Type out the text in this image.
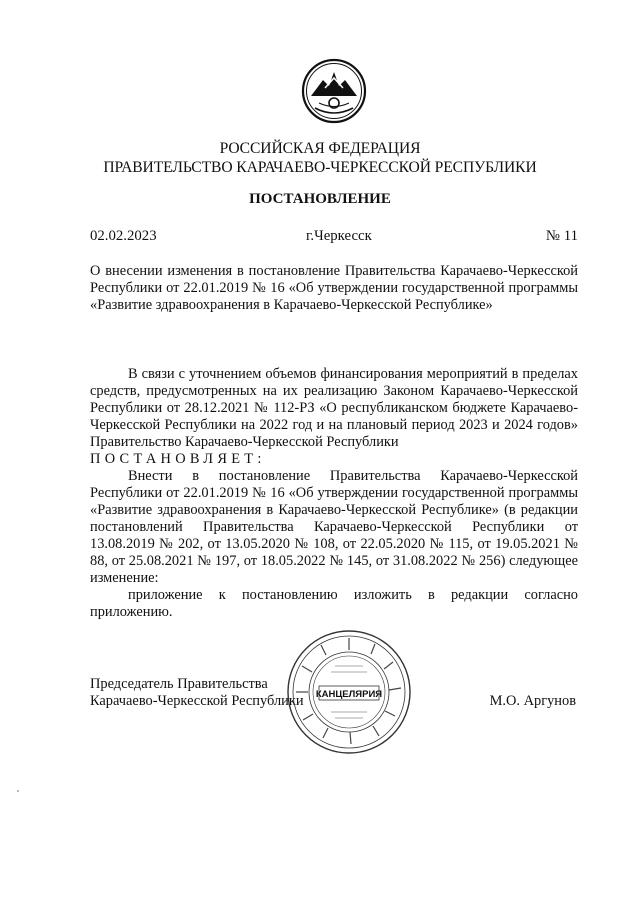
РОССИЙСКАЯ ФЕДЕРАЦИЯ
ПРАВИТЕЛЬСТВО КАРАЧАЕВО-ЧЕРКЕССКОЙ РЕСПУБЛИКИ
ПОСТАНОВЛЕНИЕ
02.02.2023	г.Черкесск	№ 11
О внесении изменения в постановление Правительства Карачаево-Черкесской Республики от 22.01.2019 № 16 «Об утверждении государственной программы «Развитие здравоохранения в Карачаево-Черкесской Республике»
В связи с уточнением объемов финансирования мероприятий в пределах средств, предусмотренных на их реализацию Законом Карачаево-Черкесской Республики от 28.12.2021 № 112-РЗ «О республиканском бюджете Карачаево-Черкесской Республики на 2022 год и на плановый период 2023 и 2024 годов» Правительство Карачаево-Черкесской Республики
ПОСТАНОВЛЯЕТ:
Внести в постановление Правительства Карачаево-Черкесской Республики от 22.01.2019 № 16 «Об утверждении государственной программы «Развитие здравоохранения в Карачаево-Черкесской Республике» (в редакции постановлений Правительства Карачаево-Черкесской Республики от 13.08.2019 № 202, от 13.05.2020 № 108, от 22.05.2020 № 115, от 19.05.2021 № 88, от 25.08.2021 № 197, от 18.05.2022 № 145, от 31.08.2022 № 256) следующее изменение:
приложение к постановлению изложить в редакции согласно приложению.
Председатель Правительства
Карачаево-Черкесской Республики	М.О. Аргунов
КАНЦЕЛЯРИЯ
